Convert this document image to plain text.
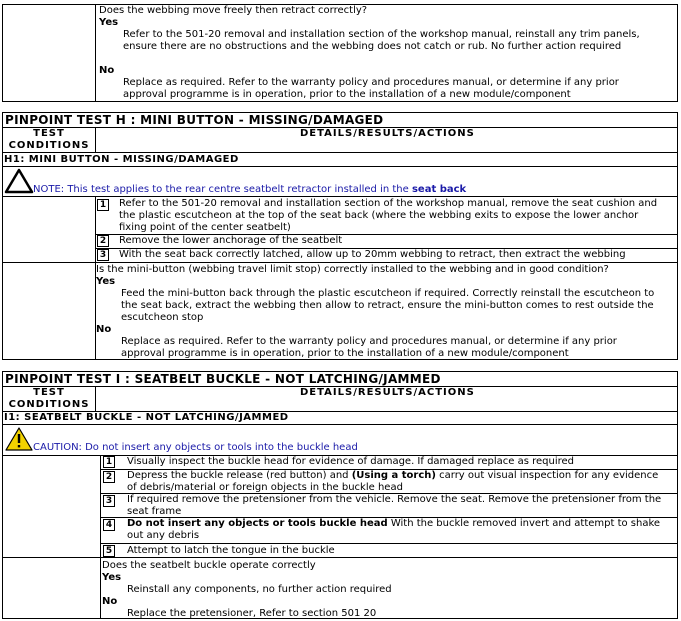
Does the webbing move freely then retract correctly?
Yes
Refer to the 501-20 removal and installation section of the workshop manual, reinstall any trim panels, ensure there are no obstructions and the webbing does not catch or rub. No further action required
No
Replace as required. Refer to the warranty policy and procedures manual, or determine if any prior approval programme is in operation, prior to the installation of a new module/component
PINPOINT TEST H : MINI BUTTON - MISSING/DAMAGED
TEST CONDITIONS
DETAILS/RESULTS/ACTIONS
H1: MINI BUTTON - MISSING/DAMAGED
NOTE: This test applies to the rear centre seatbelt retractor installed in the seat back
1 Refer to the 501-20 removal and installation section of the workshop manual, remove the seat cushion and the plastic escutcheon at the top of the seat back (where the webbing exits to expose the lower anchor fixing point of the center seatbelt)
2 Remove the lower anchorage of the seatbelt
3 With the seat back correctly latched, allow up to 20mm webbing to retract, then extract the webbing
Is the mini-button (webbing travel limit stop) correctly installed to the webbing and in good condition?
Yes
Feed the mini-button back through the plastic escutcheon if required. Correctly reinstall the escutcheon to the seat back, extract the webbing then allow to retract, ensure the mini-button comes to rest outside the escutcheon stop
No
Replace as required. Refer to the warranty policy and procedures manual, or determine if any prior approval programme is in operation, prior to the installation of a new module/component
PINPOINT TEST I : SEATBELT BUCKLE - NOT LATCHING/JAMMED
TEST CONDITIONS
DETAILS/RESULTS/ACTIONS
I1: SEATBELT BUCKLE - NOT LATCHING/JAMMED
CAUTION: Do not insert any objects or tools into the buckle head
1 Visually inspect the buckle head for evidence of damage. If damaged replace as required
2 Depress the buckle release (red button) and (Using a torch) carry out visual inspection for any evidence of debris/material or foreign objects in the buckle head
3 If required remove the pretensioner from the vehicle. Remove the seat. Remove the pretensioner from the seat frame
4 Do not insert any objects or tools buckle head With the buckle removed invert and attempt to shake out any debris
5 Attempt to latch the tongue in the buckle
Does the seatbelt buckle operate correctly
Yes
Reinstall any components, no further action required
No
Replace the pretensioner, Refer to section 501 20
